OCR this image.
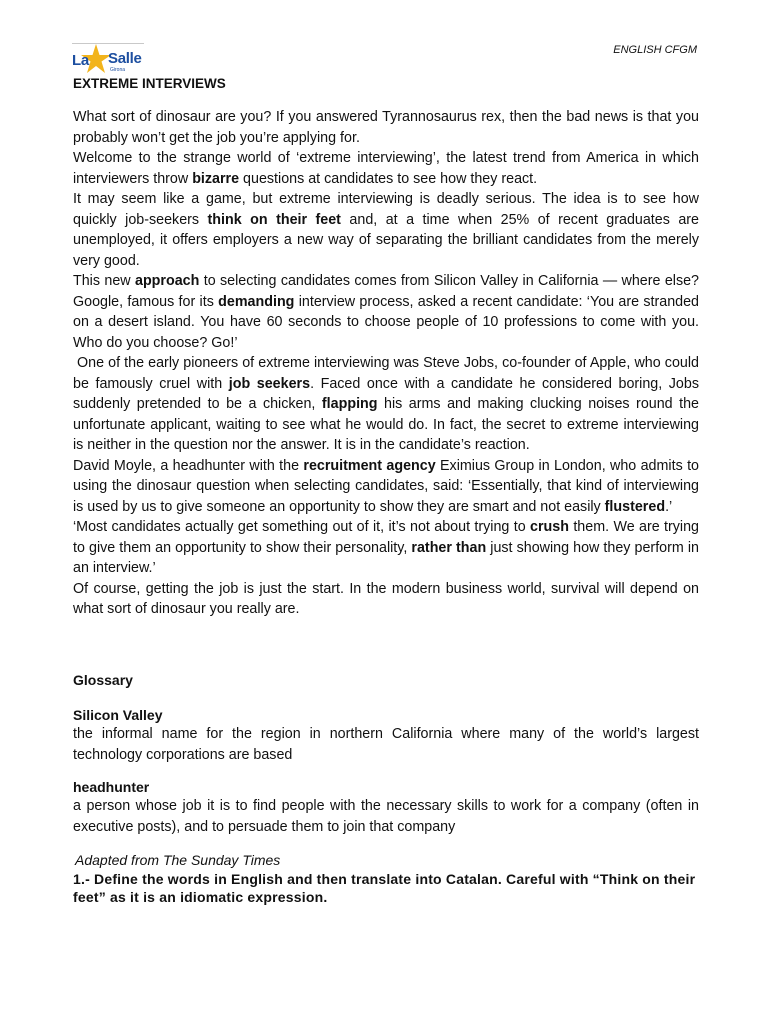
La Salle
Girona
ENGLISH CFGM
EXTREME INTERVIEWS

What sort of dinosaur are you? If you answered Tyrannosaurus rex, then the bad news is that you probably won’t get the job you’re applying for.

Welcome to the strange world of ‘extreme interviewing’, the latest trend from America in which interviewers throw bizarre questions at candidates to see how they react.

It may seem like a game, but extreme interviewing is deadly serious. The idea is to see how quickly job-seekers think on their feet and, at a time when 25% of recent graduates are unemployed, it offers employers a new way of separating the brilliant candidates from the merely very good.

This new approach to selecting candidates comes from Silicon Valley in California — where else? Google, famous for its demanding interview process, asked a recent candidate: ‘You are stranded on a desert island. You have 60 seconds to choose people of 10 professions to come with you. Who do you choose? Go!’

One of the early pioneers of extreme interviewing was Steve Jobs, co-founder of Apple, who could be famously cruel with job seekers. Faced once with a candidate he considered boring, Jobs suddenly pretended to be a chicken, flapping his arms and making clucking noises round the unfortunate applicant, waiting to see what he would do. In fact, the secret to extreme interviewing is neither in the question nor the answer. It is in the candidate’s reaction.

David Moyle, a headhunter with the recruitment agency Eximius Group in London, who admits to using the dinosaur question when selecting candidates, said: ‘Essentially, that kind of interviewing is used by us to give someone an opportunity to show they are smart and not easily flustered.’

‘Most candidates actually get something out of it, it’s not about trying to crush them. We are trying to give them an opportunity to show their personality, rather than just showing how they perform in an interview.’

Of course, getting the job is just the start. In the modern business world, survival will depend on what sort of dinosaur you really are.

Glossary
Silicon Valley
the informal name for the region in northern California where many of the world’s largest technology corporations are based
headhunter
a person whose job it is to find people with the necessary skills to work for a company (often in executive posts), and to persuade them to join that company
Adapted from The Sunday Times
1.- Define the words in English and then translate into Catalan. Careful with “Think on their feet” as it is an idiomatic expression.
